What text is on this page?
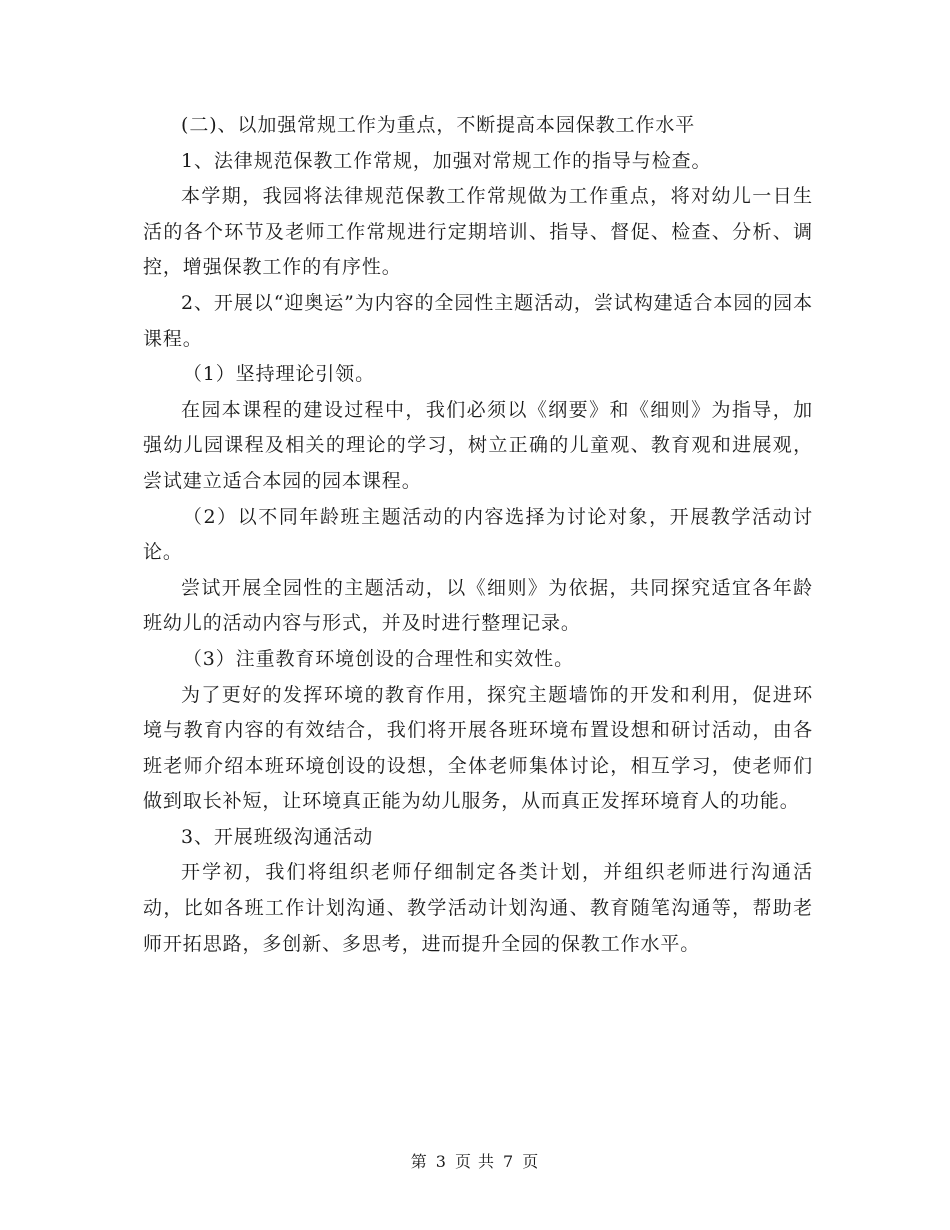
(二)、以加强常规工作为重点，不断提高本园保教工作水平

1、法律规范保教工作常规，加强对常规工作的指导与检查。

本学期，我园将法律规范保教工作常规做为工作重点，将对幼儿一日生活的各个环节及老师工作常规进行定期培训、指导、督促、检查、分析、调控，增强保教工作的有序性。

2、开展以“迎奥运”为内容的全园性主题活动，尝试构建适合本园的园本课程。

（1）坚持理论引领。

在园本课程的建设过程中，我们必须以《纲要》和《细则》为指导，加强幼儿园课程及相关的理论的学习，树立正确的儿童观、教育观和进展观，尝试建立适合本园的园本课程。

（2）以不同年龄班主题活动的内容选择为讨论对象，开展教学活动讨论。

尝试开展全园性的主题活动，以《细则》为依据，共同探究适宜各年龄班幼儿的活动内容与形式，并及时进行整理记录。

（3）注重教育环境创设的合理性和实效性。

为了更好的发挥环境的教育作用，探究主题墙饰的开发和利用，促进环境与教育内容的有效结合，我们将开展各班环境布置设想和研讨活动，由各班老师介绍本班环境创设的设想，全体老师集体讨论，相互学习，使老师们做到取长补短，让环境真正能为幼儿服务，从而真正发挥环境育人的功能。

3、开展班级沟通活动

开学初，我们将组织老师仔细制定各类计划，并组织老师进行沟通活动，比如各班工作计划沟通、教学活动计划沟通、教育随笔沟通等，帮助老师开拓思路，多创新、多思考，进而提升全园的保教工作水平。

第 3 页 共 7 页
